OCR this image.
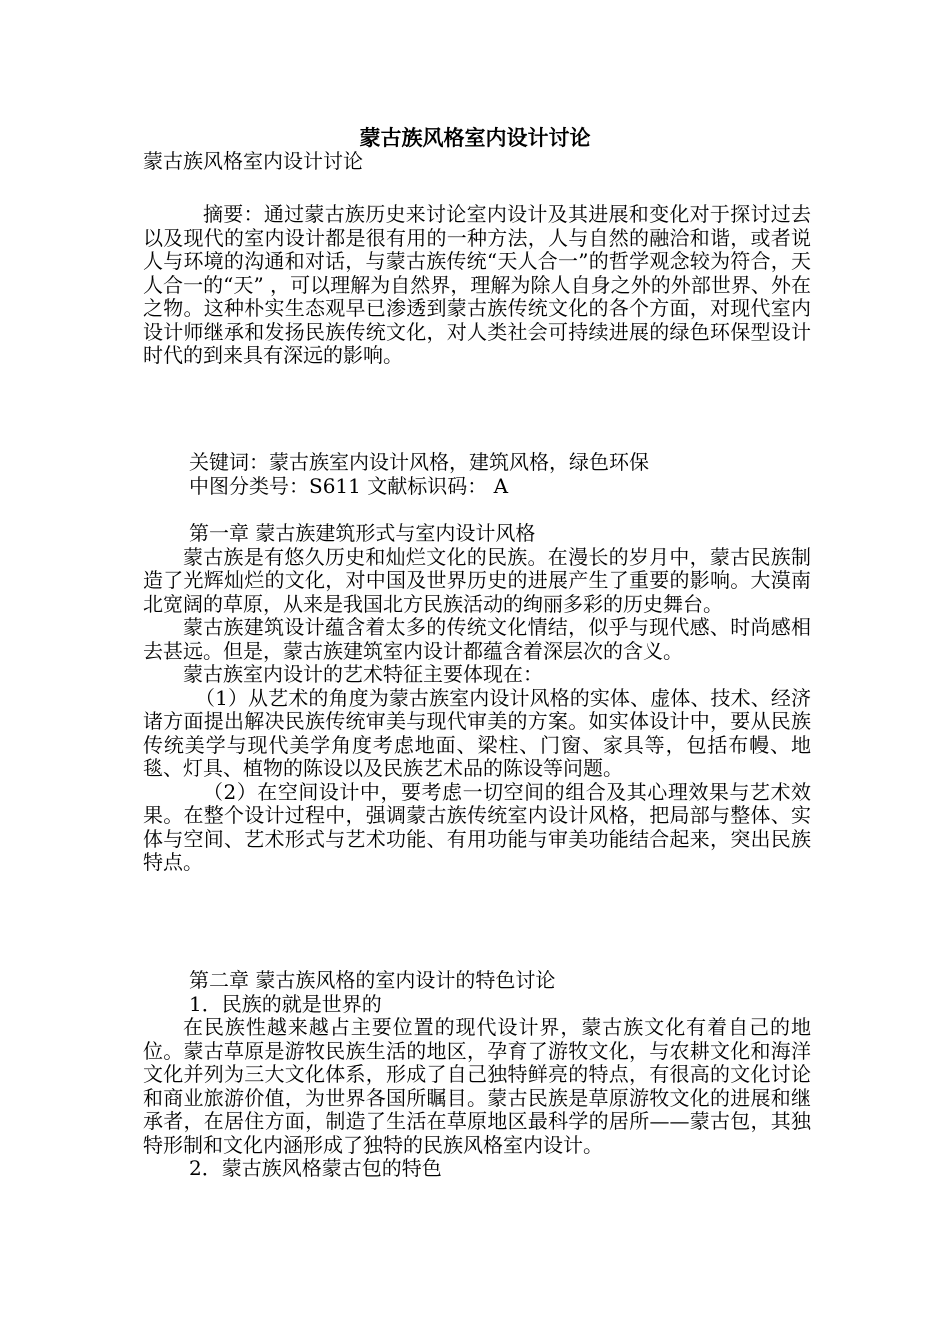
蒙古族风格室内设计讨论

蒙古族风格室内设计讨论

摘要：通过蒙古族历史来讨论室内设计及其进展和变化对于探讨过去以及现代的室内设计都是很有用的一种方法，人与自然的融洽和谐，或者说人与环境的沟通和对话，与蒙古族传统“天人合一”的哲学观念较为符合，天人合一的“天” ，可以理解为自然界，理解为除人自身之外的外部世界、外在之物。这种朴实生态观早已渗透到蒙古族传统文化的各个方面，对现代室内设计师继承和发扬民族传统文化，对人类社会可持续进展的绿色环保型设计时代的到来具有深远的影响。

关键词：蒙古族室内设计风格，建筑风格，绿色环保

中图分类号：S611 文献标识码： A

第一章 蒙古族建筑形式与室内设计风格

蒙古族是有悠久历史和灿烂文化的民族。在漫长的岁月中，蒙古民族制造了光辉灿烂的文化，对中国及世界历史的进展产生了重要的影响。大漠南北宽阔的草原，从来是我国北方民族活动的绚丽多彩的历史舞台。

蒙古族建筑设计蕴含着太多的传统文化情结，似乎与现代感、时尚感相去甚远。但是，蒙古族建筑室内设计都蕴含着深层次的含义。

蒙古族室内设计的艺术特征主要体现在：

（1）从艺术的角度为蒙古族室内设计风格的实体、虚体、技术、经济诸方面提出解决民族传统审美与现代审美的方案。如实体设计中，要从民族传统美学与现代美学角度考虑地面、梁柱、门窗、家具等，包括布幔、地毯、灯具、植物的陈设以及民族艺术品的陈设等问题。

（2）在空间设计中，要考虑一切空间的组合及其心理效果与艺术效果。在整个设计过程中，强调蒙古族传统室内设计风格，把局部与整体、实体与空间、艺术形式与艺术功能、有用功能与审美功能结合起来，突出民族特点。

第二章 蒙古族风格的室内设计的特色讨论

1．民族的就是世界的

在民族性越来越占主要位置的现代设计界，蒙古族文化有着自己的地位。蒙古草原是游牧民族生活的地区，孕育了游牧文化，与农耕文化和海洋文化并列为三大文化体系，形成了自己独特鲜亮的特点，有很高的文化讨论和商业旅游价值，为世界各国所瞩目。蒙古民族是草原游牧文化的进展和继承者，在居住方面，制造了生活在草原地区最科学的居所——蒙古包，其独特形制和文化内涵形成了独特的民族风格室内设计。

2．蒙古族风格蒙古包的特色
